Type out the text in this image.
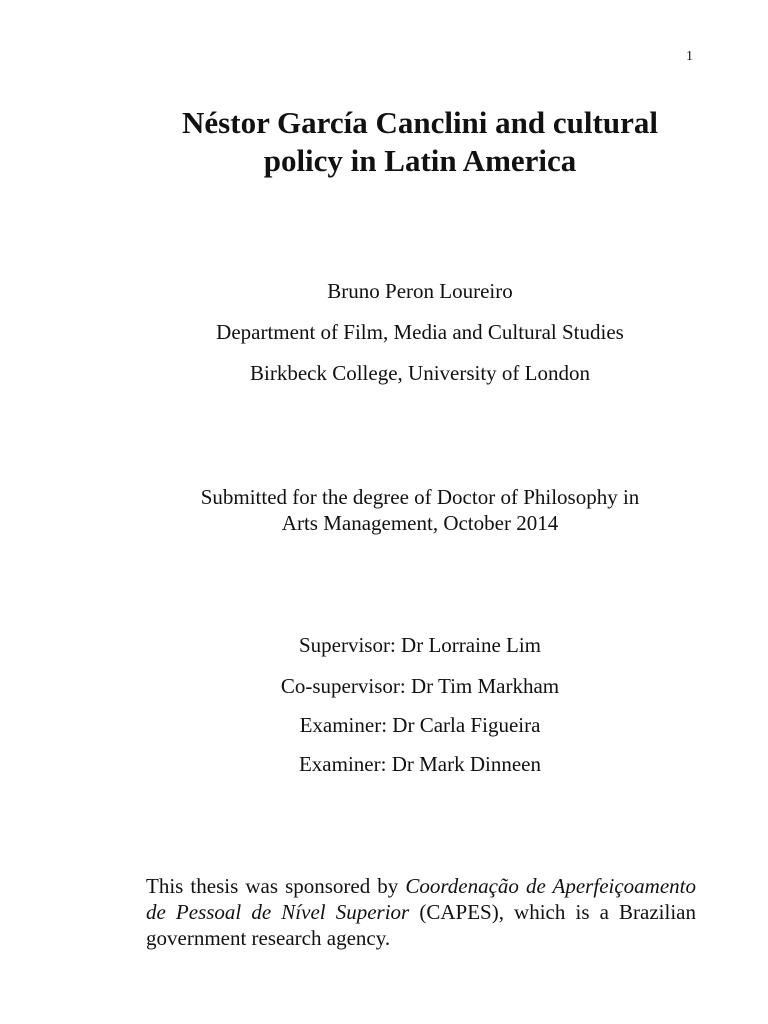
1
Néstor García Canclini and cultural
policy in Latin America

Bruno Peron Loureiro

Department of Film, Media and Cultural Studies

Birkbeck College, University of London

Submitted for the degree of Doctor of Philosophy in

Arts Management, October 2014

Supervisor: Dr Lorraine Lim

Co-supervisor: Dr Tim Markham

Examiner: Dr Carla Figueira

Examiner: Dr Mark Dinneen

This thesis was sponsored by Coordenação de Aperfeiçoamento de Pessoal de Nível Superior (CAPES), which is a Brazilian government research agency.
